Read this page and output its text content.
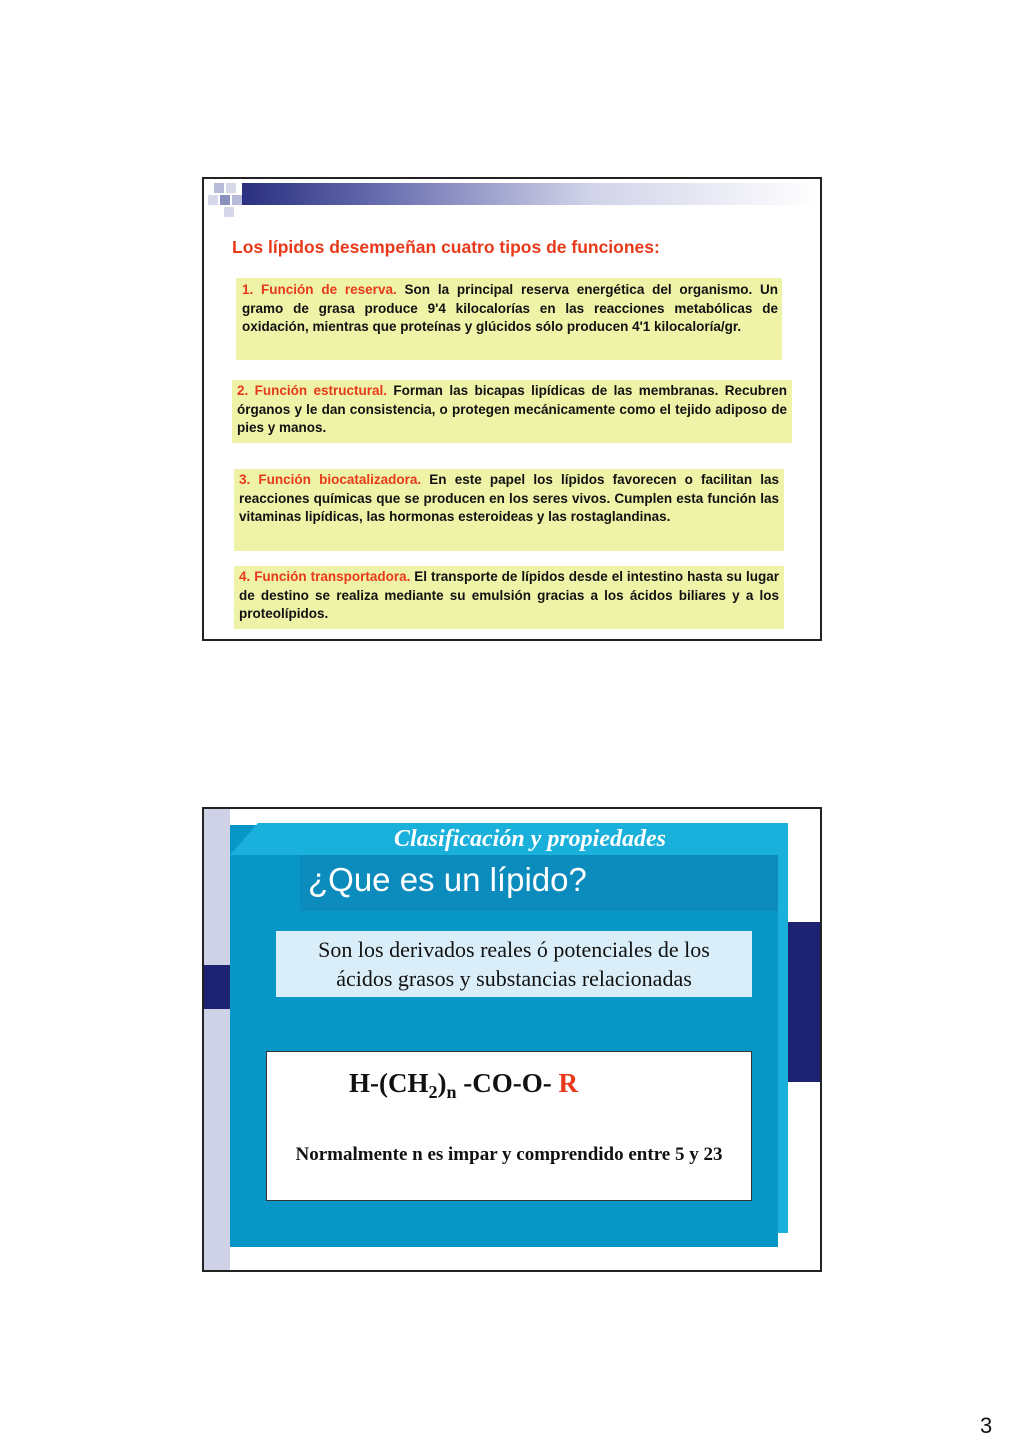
Los lípidos desempeñan cuatro tipos de funciones:
1. Función de reserva. Son la principal reserva energética del organismo. Un gramo de grasa produce 9'4 kilocalorías en las reacciones metabólicas de oxidación, mientras que proteínas y glúcidos sólo producen 4'1 kilocaloría/gr.
2. Función estructural. Forman las bicapas lipídicas de las membranas. Recubren órganos y le dan consistencia, o protegen mecánicamente como el tejido adiposo de pies y manos.
3. Función biocatalizadora. En este papel los lípidos favorecen o facilitan las reacciones químicas que se producen en los seres vivos. Cumplen esta función las vitaminas lipídicas, las hormonas esteroideas y las rostaglandinas.
4. Función transportadora. El transporte de lípidos desde el intestino hasta su lugar de destino se realiza mediante su emulsión gracias a los ácidos biliares y a los proteolípidos.
Clasificación y propiedades
¿Que es un lípido?
Son los derivados reales ó potenciales de los
ácidos grasos y substancias relacionadas
$H-(CH_2)_n$ -CO-O- R
Normalmente n es impar y comprendido entre 5 y 23
3
